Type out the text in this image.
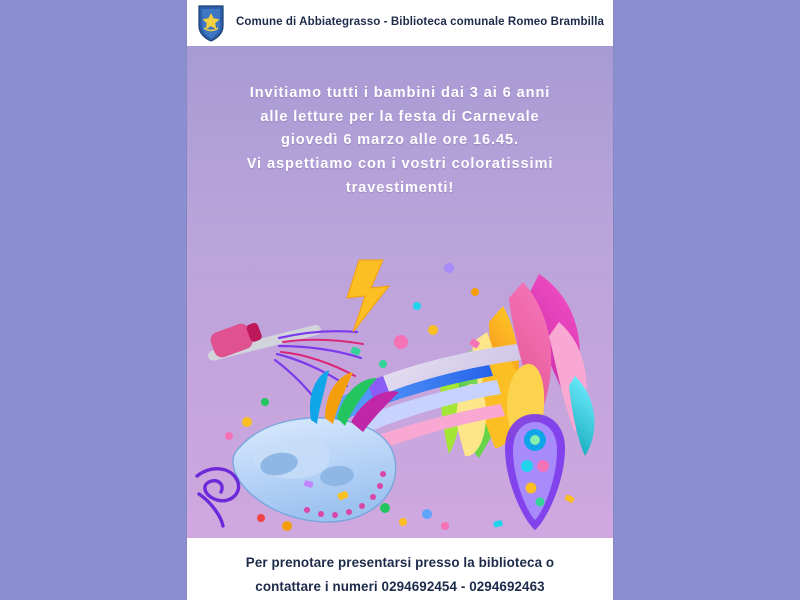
Comune di Abbiategrasso - Biblioteca comunale Romeo Brambilla
Invitiamo tutti i bambini dai 3 ai 6 anni
alle letture per la festa di Carnevale
giovedì 6 marzo alle ore 16.45.
Vi aspettiamo con i vostri coloratissimi
travestimenti!
Per prenotare presentarsi presso la biblioteca o
contattare i numeri 0294692454 - 0294692463
